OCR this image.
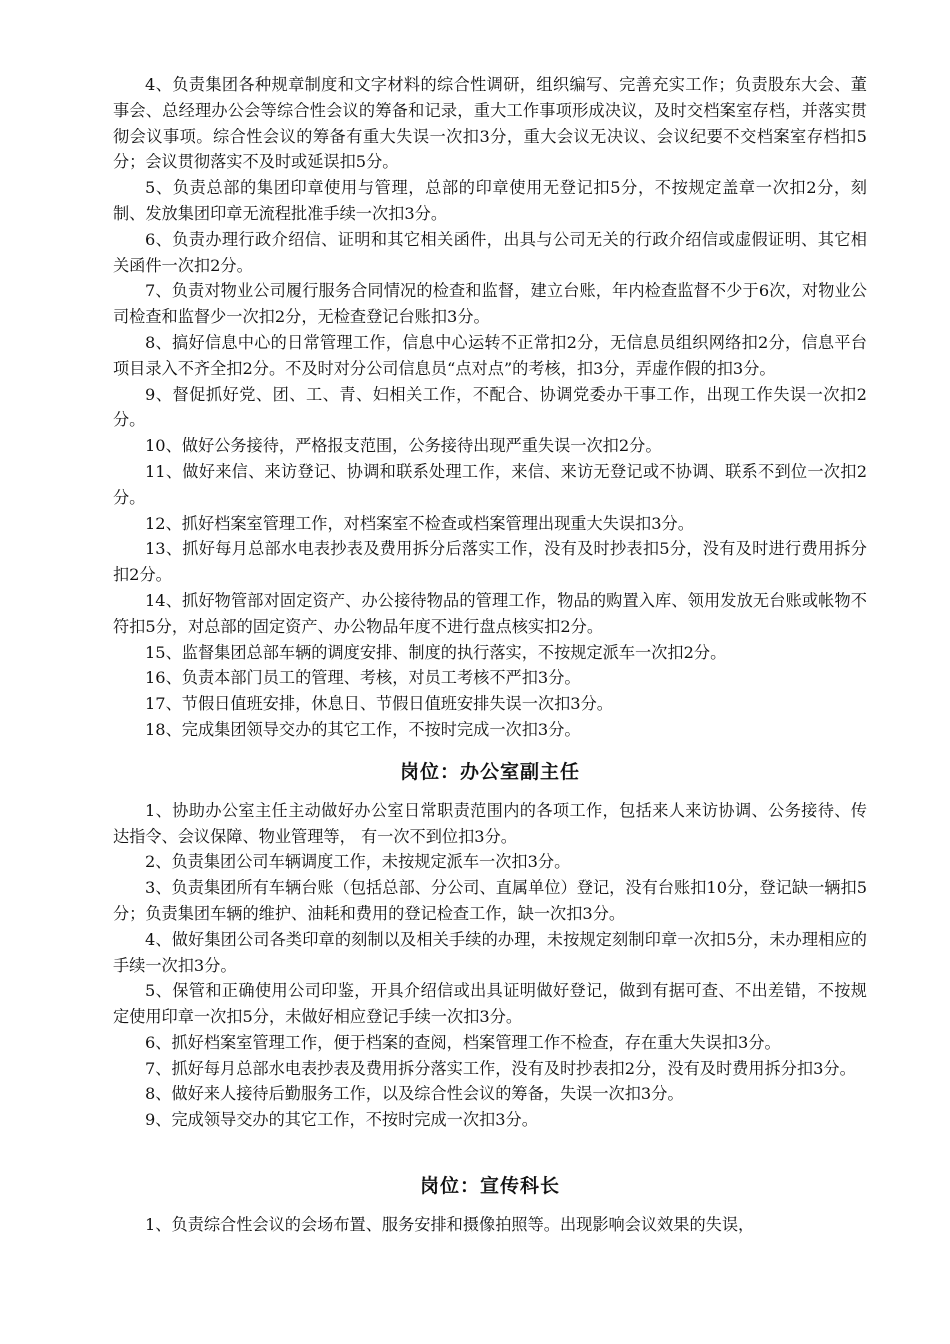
4、负责集团各种规章制度和文字材料的综合性调研，组织编写、完善充实工作；负责股东大会、董事会、总经理办公会等综合性会议的筹备和记录，重大工作事项形成决议，及时交档案室存档，并落实贯彻会议事项。综合性会议的筹备有重大失误一次扣3分，重大会议无决议、会议纪要不交档案室存档扣5分；会议贯彻落实不及时或延误扣5分。

5、负责总部的集团印章使用与管理，总部的印章使用无登记扣5分，不按规定盖章一次扣2分，刻制、发放集团印章无流程批准手续一次扣3分。

6、负责办理行政介绍信、证明和其它相关函件，出具与公司无关的行政介绍信或虚假证明、其它相关函件一次扣2分。

7、负责对物业公司履行服务合同情况的检查和监督，建立台账，年内检查监督不少于6次，对物业公司检查和监督少一次扣2分，无检查登记台账扣3分。

8、搞好信息中心的日常管理工作，信息中心运转不正常扣2分，无信息员组织网络扣2分，信息平台项目录入不齐全扣2分。不及时对分公司信息员“点对点”的考核，扣3分，弄虚作假的扣3分。

9、督促抓好党、团、工、青、妇相关工作，不配合、协调党委办干事工作，出现工作失误一次扣2分。

10、做好公务接待，严格报支范围，公务接待出现严重失误一次扣2分。

11、做好来信、来访登记、协调和联系处理工作，来信、来访无登记或不协调、联系不到位一次扣2分。

12、抓好档案室管理工作，对档案室不检查或档案管理出现重大失误扣3分。

13、抓好每月总部水电表抄表及费用拆分后落实工作，没有及时抄表扣5分，没有及时进行费用拆分扣2分。

14、抓好物管部对固定资产、办公接待物品的管理工作，物品的购置入库、领用发放无台账或帐物不符扣5分，对总部的固定资产、办公物品年度不进行盘点核实扣2分。

15、监督集团总部车辆的调度安排、制度的执行落实，不按规定派车一次扣2分。

16、负责本部门员工的管理、考核，对员工考核不严扣3分。

17、节假日值班安排，休息日、节假日值班安排失误一次扣3分。

18、完成集团领导交办的其它工作，不按时完成一次扣3分。

岗位：办公室副主任

1、协助办公室主任主动做好办公室日常职责范围内的各项工作，包括来人来访协调、公务接待、传达指令、会议保障、物业管理等， 有一次不到位扣3分。

2、负责集团公司车辆调度工作，未按规定派车一次扣3分。

3、负责集团所有车辆台账（包括总部、分公司、直属单位）登记，没有台账扣10分，登记缺一辆扣5分；负责集团车辆的维护、油耗和费用的登记检查工作，缺一次扣3分。

4、做好集团公司各类印章的刻制以及相关手续的办理，未按规定刻制印章一次扣5分，未办理相应的手续一次扣3分。

5、保管和正确使用公司印鉴，开具介绍信或出具证明做好登记，做到有据可查、不出差错，不按规定使用印章一次扣5分，未做好相应登记手续一次扣3分。

6、抓好档案室管理工作，便于档案的查阅，档案管理工作不检查，存在重大失误扣3分。

7、抓好每月总部水电表抄表及费用拆分落实工作，没有及时抄表扣2分，没有及时费用拆分扣3分。

8、做好来人接待后勤服务工作，以及综合性会议的筹备，失误一次扣3分。

9、完成领导交办的其它工作，不按时完成一次扣3分。

岗位：宣传科长

1、负责综合性会议的会场布置、服务安排和摄像拍照等。出现影响会议效果的失误，
